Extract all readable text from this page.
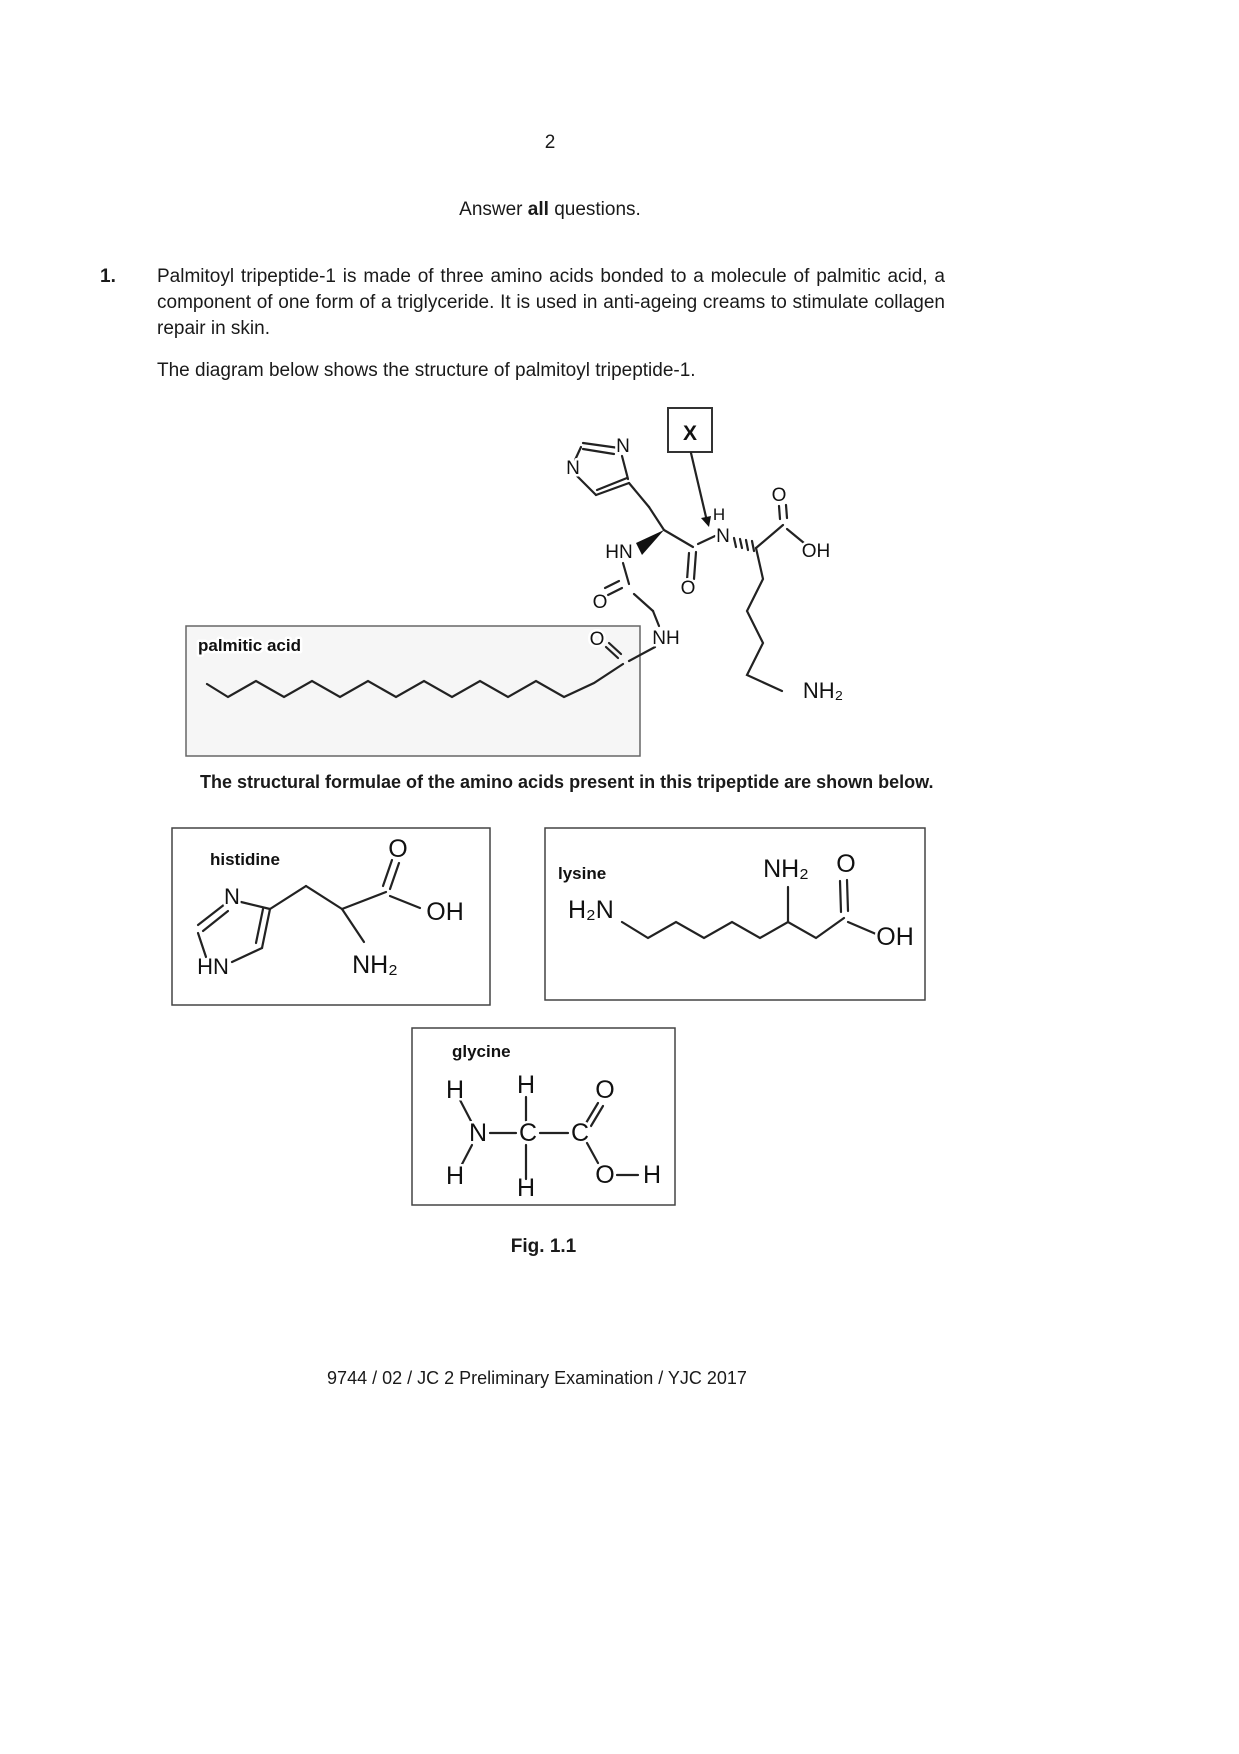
2
Answer all questions.
1. Palmitoyl tripeptide-1 is made of three amino acids bonded to a molecule of palmitic acid, a component of one form of a triglyceride. It is used in anti-ageing creams to stimulate collagen repair in skin.
The diagram below shows the structure of palmitoyl tripeptide-1.
The structural formulae of the amino acids present in this tripeptide are shown below.
palmitic acid
X
N
N
HN
O
NH
O
O
H
N
O
OH
NH₂
histidine
N
HN
O
OH
NH₂
lysine
H₂N
NH₂ O
OH
glycine
H H
N
H
C
H
C
O
O H
Fig. 1.1
9744 / 02 / JC 2 Preliminary Examination / YJC 2017
